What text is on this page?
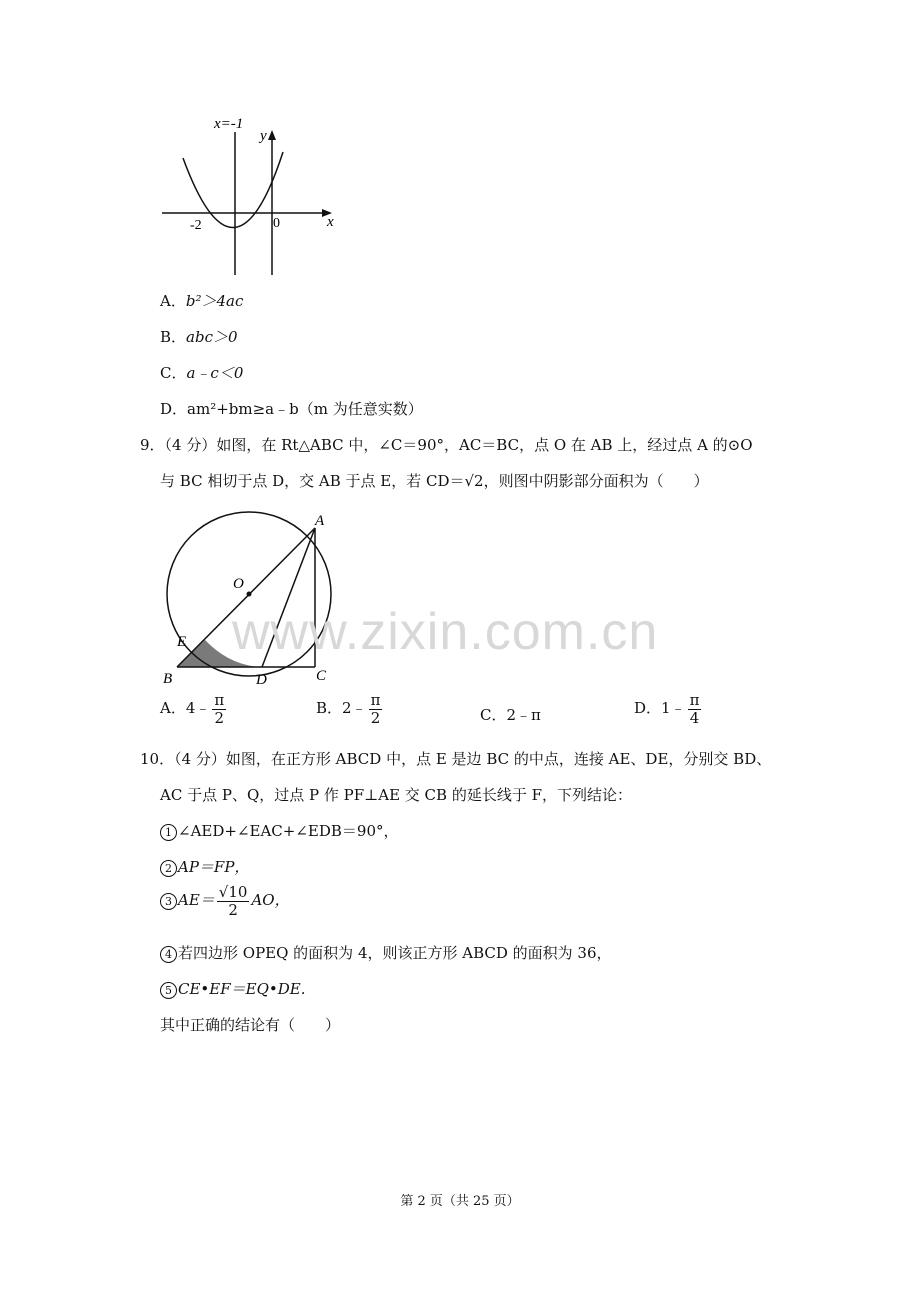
x=-1
y
x
-2	0
A．b²＞4ac
B．abc＞0
C．a﹣c＜0
D．am²+bm≥a﹣b（m 为任意实数）
9．（4 分）如图，在 Rt△ABC 中，∠C＝90°，AC＝BC，点 O 在 AB 上，经过点 A 的⊙O
与 BC 相切于点 D，交 AB 于点 E，若 CD＝√2，则图中阴影部分面积为（　　）
A
O
E
B	D	C
www.zixin.com.cn
A．4﹣ $\frac{\pi}{2}$	B．2﹣ $\frac{\pi}{2}$	C．2﹣π	D．1﹣ $\frac{\pi}{4}$
10．（4 分）如图，在正方形 ABCD 中，点 E 是边 BC 的中点，连接 AE、DE，分别交 BD、
AC 于点 P、Q，过点 P 作 PF⊥AE 交 CB 的延长线于 F，下列结论：
1 ∠AED+∠EAC+∠EDB＝90°，
2 AP＝FP，
3 $AE= \frac{√10}{2}$ AO，
4 若四边形 OPEQ 的面积为 4，则该正方形 ABCD 的面积为 36，
5 CE•EF＝EQ•DE.
其中正确的结论有（　　）
第 2 页（共 25 页）
